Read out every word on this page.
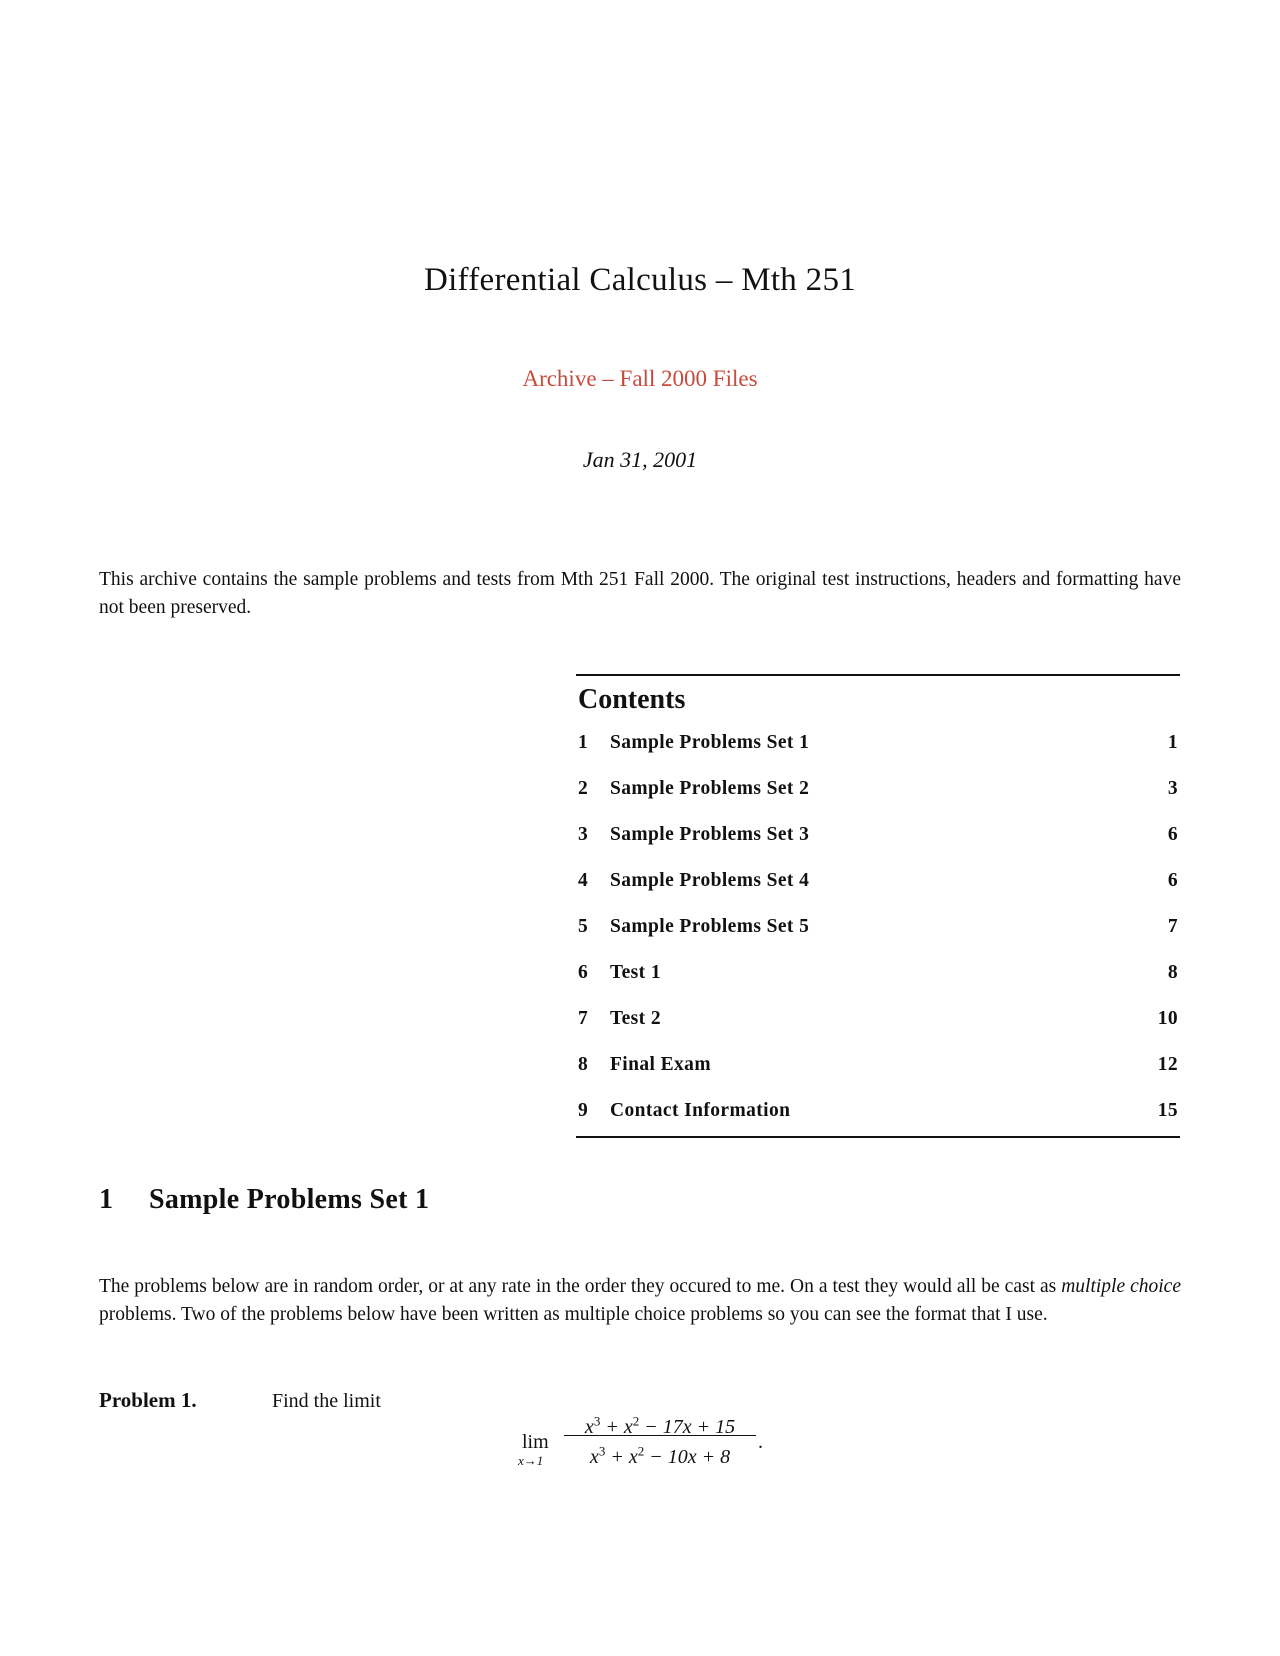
Differential Calculus – Mth 251
Archive – Fall 2000 Files
Jan 31, 2001
This archive contains the sample problems and tests from Mth 251 Fall 2000. The original test instructions, headers and formatting have not been preserved.
Contents
1	Sample Problems Set 1	1
2	Sample Problems Set 2	3
3	Sample Problems Set 3	6
4	Sample Problems Set 4	6
5	Sample Problems Set 5	7
6	Test 1	8
7	Test 2	10
8	Final Exam	12
9	Contact Information	15
1 Sample Problems Set 1
The problems below are in random order, or at any rate in the order they occured to me. On a test they would all be cast as multiple choice problems. Two of the problems below have been written as multiple choice problems so you can see the format that I use.
Problem 1.	Find the limit
lim
$x\to 1 \frac{x^3 + x^2 - 17x + 15}{x^3 + x^2 - 10x + 8}$ .
